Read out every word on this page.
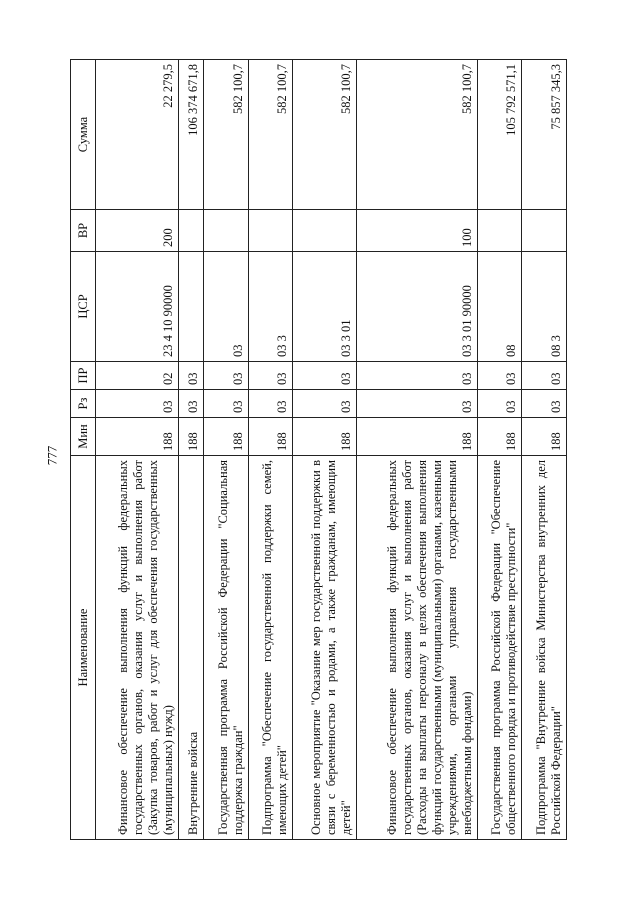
777
Наименование	Мин	Рз	ПР	ЦСР	ВР	Сумма
Финансовое обеспечение выполнения функций федеральных государственных органов, оказания услуг и выполнения работ (Закупка товаров, работ и услуг для обеспечения государственных (муниципальных) нужд)	188	03	02	23 4 10 90000	200	22 279,5
Внутренние войска	188	03	03			106 374 671,8
Государственная программа Российской Федерации "Социальная поддержка граждан"	188	03	03	03		582 100,7
Подпрограмма "Обеспечение государственной поддержки семей, имеющих детей"	188	03	03	03 3		582 100,7
Основное мероприятие "Оказание мер государственной поддержки в связи с беременностью и родами, а также гражданам, имеющим детей"	188	03	03	03 3 01		582 100,7
Финансовое обеспечение выполнения функций федеральных государственных органов, оказания услуг и выполнения работ (Расходы на выплаты персоналу в целях обеспечения выполнения функций государственными (муниципальными) органами, казенными учреждениями, органами управления государственными внебюджетными фондами)	188	03	03	03 3 01 90000	100	582 100,7
Государственная программа Российской Федерации "Обеспечение общественного порядка и противодействие преступности"	188	03	03	08		105 792 571,1
Подпрограмма "Внутренние войска Министерства внутренних дел Российской Федерации"	188	03	03	08 3		75 857 345,3
